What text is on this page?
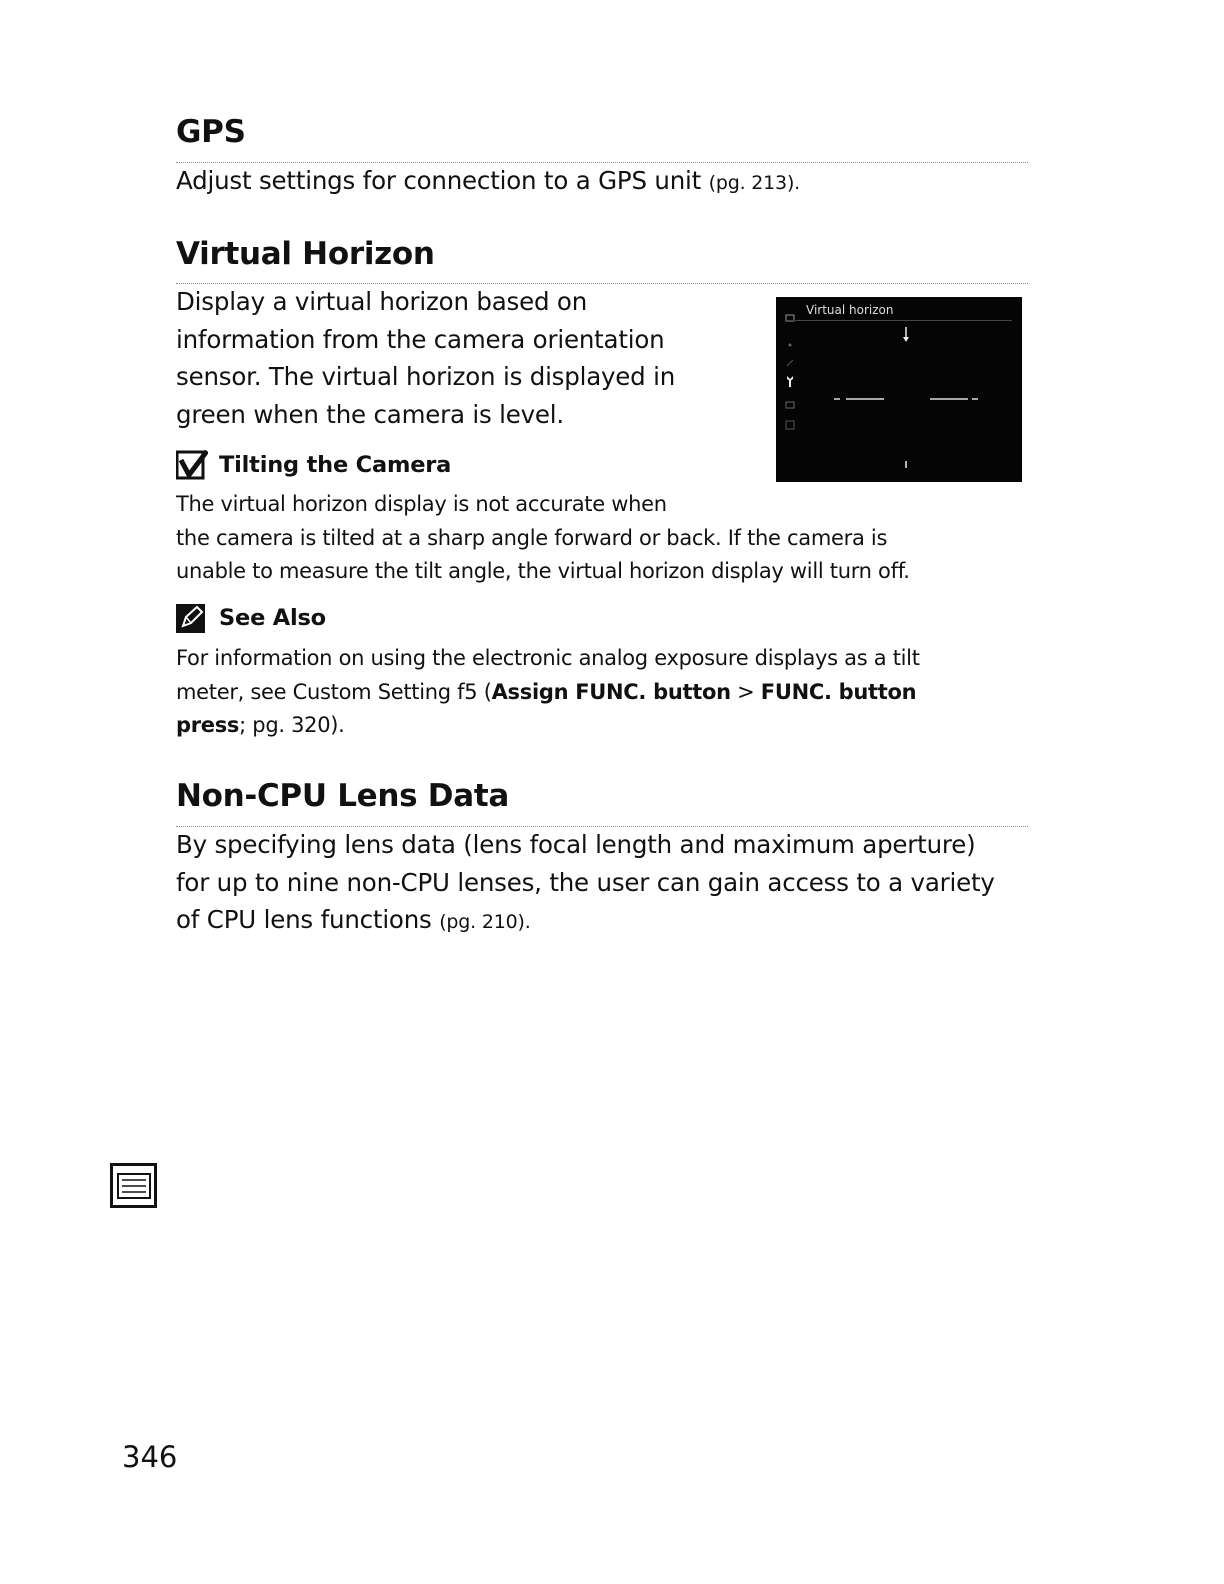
GPS
Adjust settings for connection to a GPS unit (pg. 213).
Virtual Horizon
Display a virtual horizon based on
information from the camera orientation
sensor. The virtual horizon is displayed in
green when the camera is level.
Virtual horizon
Tilting the Camera
The virtual horizon display is not accurate when
the camera is tilted at a sharp angle forward or back. If the camera is
unable to measure the tilt angle, the virtual horizon display will turn off.
See Also
For information on using the electronic analog exposure displays as a tilt
meter, see Custom Setting f5 (Assign FUNC. button > FUNC. button
press; pg. 320).
Non-CPU Lens Data
By specifying lens data (lens focal length and maximum aperture)
for up to nine non-CPU lenses, the user can gain access to a variety
of CPU lens functions (pg. 210).
346
